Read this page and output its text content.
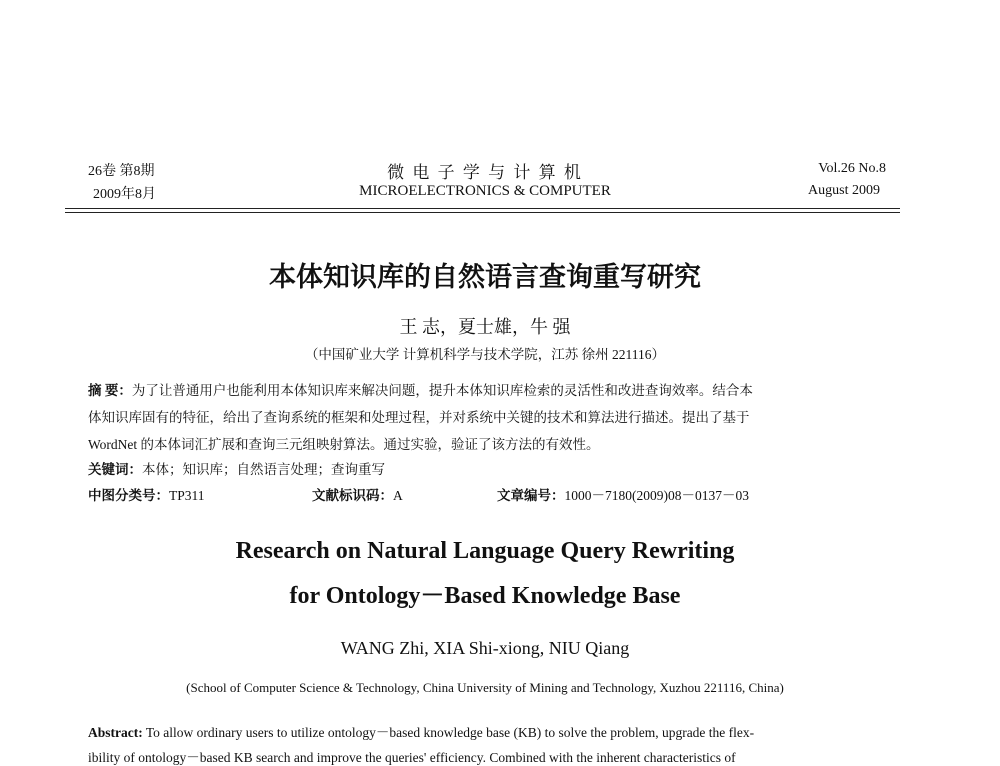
26卷 第8期
2009年8月
微 电 子 学 与 计 算 机
MICROELECTRONICS & COMPUTER
Vol.26 No.8
August 2009
本体知识库的自然语言查询重写研究
王 志，夏士雄，牛 强
（中国矿业大学 计算机科学与技术学院，江苏 徐州 221116）
摘 要：为了让普通用户也能利用本体知识库来解决问题，提升本体知识库检索的灵活性和改进查询效率。结合本
体知识库固有的特征，给出了查询系统的框架和处理过程，并对系统中关键的技术和算法进行描述。提出了基于
WordNet 的本体词汇扩展和查询三元组映射算法。通过实验，验证了该方法的有效性。
关键词：本体；知识库；自然语言处理；查询重写
中图分类号：TP311	文献标识码：A	文章编号：1000－7180(2009)08－0137－03
Research on Natural Language Query Rewriting
for Ontology－Based Knowledge Base
WANG Zhi, XIA Shi-xiong, NIU Qiang
(School of Computer Science & Technology, China University of Mining and Technology, Xuzhou 221116, China)
Abstract: To allow ordinary users to utilize ontology－based knowledge base (KB) to solve the problem, upgrade the flex-
ibility of ontology－based KB search and improve the queries' efficiency. Combined with the inherent characteristics of
